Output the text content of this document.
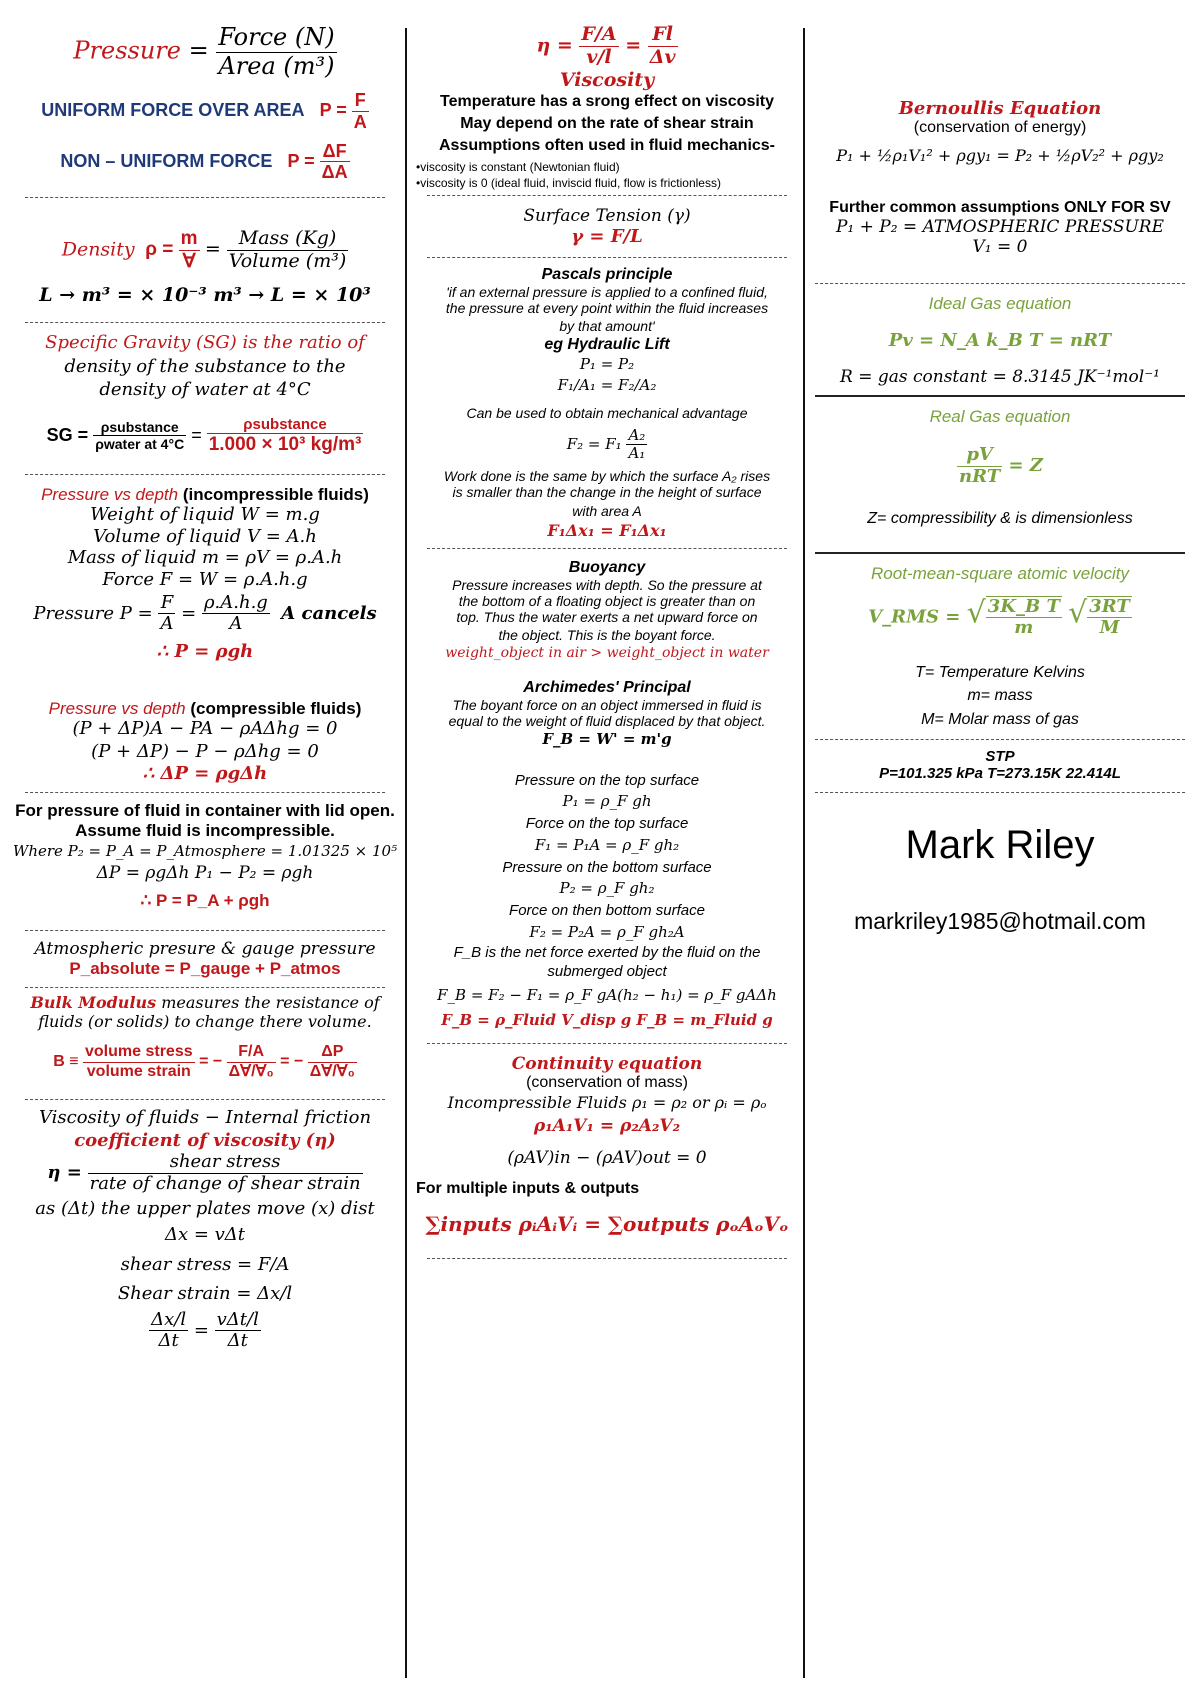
Pressure = $\frac{\text{Force (N)}}{\text{Area (m³)}}$
UNIFORM FORCE OVER AREA $P = \frac{F}{A}$
NON – UNIFORM FORCE $P = \frac{\Delta F}{\Delta A}$
Density $\rho = \frac{m}{\forall} = \frac{\text{Mass (Kg)}}{\text{Volume (m³)}}$
L → m³ = × 10⁻³ m³ → L = × 10³
Specific Gravity (SG) is the ratio of
density of the substance to the
density of water at 4°C
SG = $\frac{\text{ρsubstance}}{\text{ρwater at 4°C}} = \frac{\text{ρsubstance}}{\text{1.000 × 10³ kg/m³}}$
Pressure vs depth (incompressible fluids)
Weight of liquid W = m.g
Volume of liquid V = A.h
Mass of liquid m = ρV = ρ.A.h
Force F = W = ρ.A.h.g
Pressure $P = \frac{F}{A} = \frac{\rho.A.h.g}{A}$ A cancels
∴ P = ρgh
Pressure vs depth (compressible fluids)
(P + ΔP)A − PA − ρAΔhg = 0
(P + ΔP) − P − ρΔhg = 0
∴ ΔP = ρgΔh
For pressure of fluid in container with lid open.
Assume fluid is incompressible.
Where P₂ = P_A = P_Atmosphere = 1.01325 × 10⁵
ΔP = ρgΔh P₁ − P₂ = ρgh
∴ P = P_A + ρgh
Atmospheric presure & gauge pressure
P_absolute = P_gauge + P_atmos
Bulk Modulus measures the resistance of
fluids (or solids) to change there volume.
$B \equiv \frac{\text{volume stress}}{\text{volume strain}}$ = − $\frac{F/A}{\text{Δ∀/∀₀}}$ = − $\frac{\Delta P}{\text{Δ∀/∀₀}}$
Viscosity of fluids − Internal friction
coefficient of viscosity (η)
$\eta = \frac{\text{shear stress}}{\text{rate of change of shear strain}}$
as (Δt) the upper plates move (x) dist
Δx = vΔt
shear stress = F/A
Shear strain = Δx/l
$\frac{\Delta x/l}{\Delta t} = \frac{\text{vΔt/l}}{\Delta t}$
$\eta = \frac{F/A}{v/l} = \frac{Fl}{\Delta v}$
Viscosity
Temperature has a srong effect on viscosity
May depend on the rate of shear strain
Assumptions often used in fluid mechanics-
•viscosity is constant (Newtonian fluid)
•viscosity is 0 (ideal fluid, inviscid fluid, flow is frictionless)
Surface Tension (γ)
γ = F/L
Pascals principle
'if an external pressure is applied to a confined fluid,
the pressure at every point within the fluid increases
by that amount'
eg Hydraulic Lift
P₁ = P₂
F₁/A₁ = F₂/A₂
Can be used to obtain mechanical advantage
$F_2 = F_1 \frac{\text{A₂}}{\text{A₁}}$
Work done is the same by which the surface A₂ rises
is smaller than the change in the height of surface
with area A
F₁Δx₁ = F₁Δx₁
Buoyancy
Pressure increases with depth. So the pressure at
the bottom of a floating object is greater than on
top. Thus the water exerts a net upward force on
the object. This is the boyant force.
weight_object in air > weight_object in water
Archimedes' Principal
The boyant force on an object immersed in fluid is
equal to the weight of fluid displaced by that object.
F_B = W' = m'g
Pressure on the top surface
P₁ = ρ_F gh
Force on the top surface
F₁ = P₁A = ρ_F gh₂
Pressure on the bottom surface
P₂ = ρ_F gh₂
Force on then bottom surface
F₂ = P₂A = ρ_F gh₂A
F_B is the net force exerted by the fluid on the
submerged object
F_B = F₂ − F₁ = ρ_F gA(h₂ − h₁) = ρ_F gAΔh
F_B = ρ_Fluid V_disp g F_B = m_Fluid g
Continuity equation
(conservation of mass)
Incompressible Fluids ρ₁ = ρ₂ or ρᵢ = ρₒ
ρ₁A₁V₁ = ρ₂A₂V₂
(ρAV)in − (ρAV)out = 0
For multiple inputs & outputs
∑inputs ρᵢAᵢVᵢ = ∑outputs ρₒAₒVₒ
Bernoullis Equation
(conservation of energy)
P₁ + ½ρ₁V₁² + ρgy₁ = P₂ + ½ρV₂² + ρgy₂
Further common assumptions ONLY FOR SV
P₁ + P₂ = ATMOSPHERIC PRESSURE
V₁ = 0
Ideal Gas equation
Pv = N_A k_B T = nRT
R = gas constant = 8.3145 JK⁻¹mol⁻¹
Real Gas equation
$\frac{pV}{\text{nRT}} = Z$
Z= compressibility & is dimensionless
Root-mean-square atomic velocity
V_RMS = √ $\frac{\text{3K\_B T}}{m}$ √ $\frac{3RT}{M}$
T= Temperature Kelvins
m= mass
M= Molar mass of gas
STP
P=101.325 kPa T=273.15K 22.414L
Mark Riley
markriley1985@hotmail.com
